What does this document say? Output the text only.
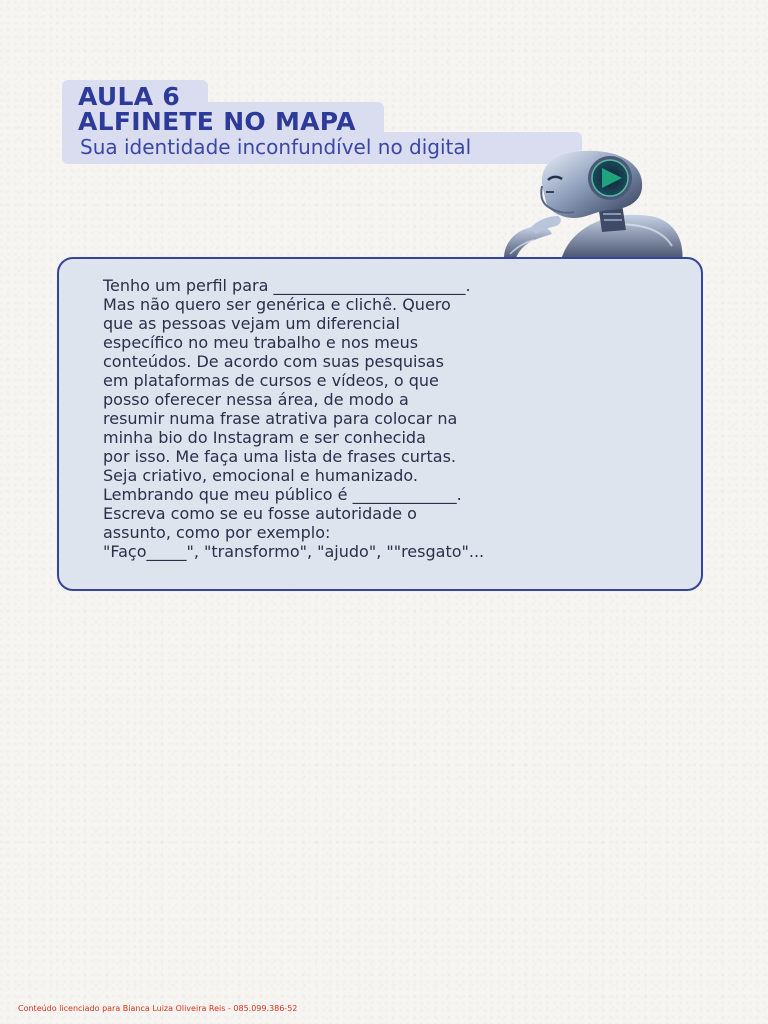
AULA 6
ALFINETE NO MAPA

Sua identidade inconfundível no digital

Tenho um perfil para ________________________.
Mas não quero ser genérica e clichê. Quero
que as pessoas vejam um diferencial
específico no meu trabalho e nos meus
conteúdos. De acordo com suas pesquisas
em plataformas de cursos e vídeos, o que
posso oferecer nessa área, de modo a
resumir numa frase atrativa para colocar na
minha bio do Instagram e ser conhecida
por isso. Me faça uma lista de frases curtas.
Seja criativo, emocional e humanizado.
Lembrando que meu público é _____________.
Escreva como se eu fosse autoridade o
assunto, como por exemplo:
"Faço_____", "transformo", "ajudo", ""resgato"...

Conteúdo licenciado para Bianca Luiza Oliveira Reis - 085.099.386-52
